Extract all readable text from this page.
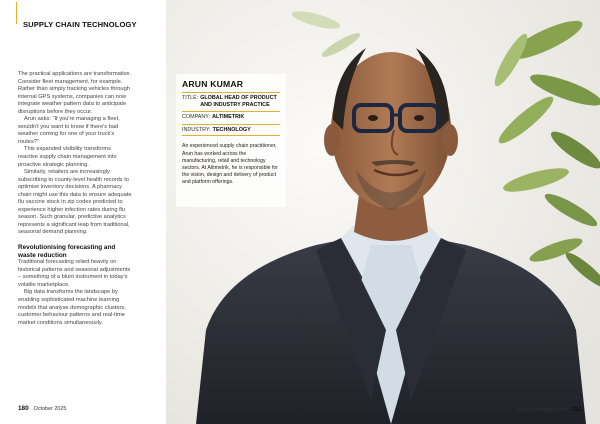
SUPPLY CHAIN TECHNOLOGY

The practical applications are transformative. Consider fleet management, for example. Rather than simply tracking vehicles through internal GPS systems, companies can now integrate weather pattern data to anticipate disruptions before they occur.

Arun asks: "If you're managing a fleet, wouldn't you want to know if there's bad weather coming for one of your truck's routes?"

This expanded visibility transforms reactive supply chain management into proactive strategic planning.

Similarly, retailers are increasingly subscribing to county-level health records to optimise inventory decisions. A pharmacy chain might use this data to ensure adequate flu vaccine stock in zip codes predicted to experience higher infection rates during flu season. Such granular, predictive analytics represents a significant leap from traditional, seasonal demand planning.

Revolutionising forecasting and waste reduction

Traditional forecasting relied heavily on historical patterns and seasonal adjustments – something of a blunt instrument in today's volatile marketplace.

Big data transforms the landscape by enabling sophisticated machine learning models that analyse demographic clusters, customer behaviour patterns and real-time market conditions simultaneously.

180 October 2025
ARUN KUMAR
TITLE: GLOBAL HEAD OF PRODUCT AND INDUSTRY PRACTICE
COMPANY: ALTIMETRIK
INDUSTRY: TECHNOLOGY

An experienced supply chain practitioner, Arun has worked across the manufacturing, retail and technology sectors. At Altimetrik, he is responsible for the vision, design and delivery of product and platform offerings.

supplychaindigital.com 181
